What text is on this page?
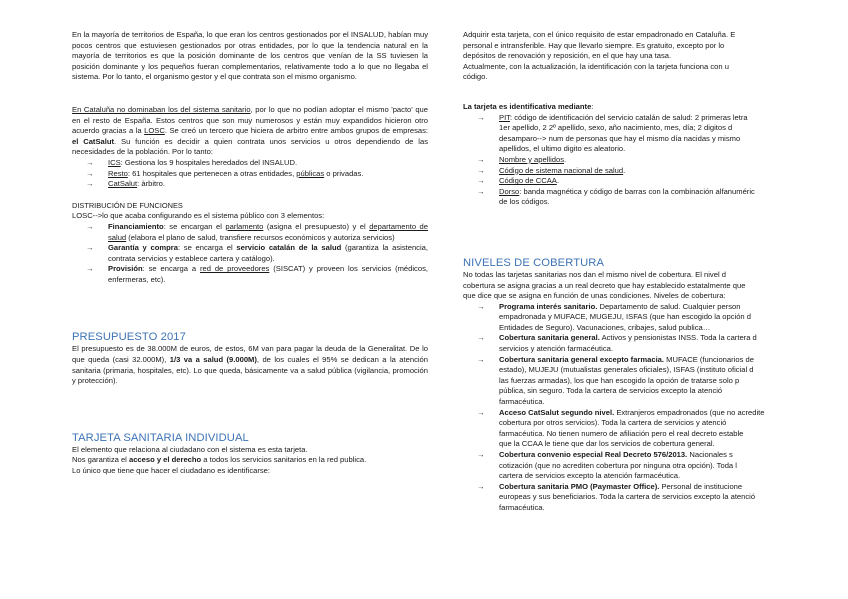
En la mayoría de territorios de España, lo que eran los centros gestionados por el INSALUD, habían muy pocos centros que estuviesen gestionados por otras entidades, por lo que la tendencia natural en la mayoría de territorios es que la posición dominante de los centros que venían de la SS tuviesen la posición dominante y los pequeños fueran complementarios, relativamente todo a lo que no llegaba el sistema. Por lo tanto, el organismo gestor y el que contrata son el mismo organismo.

En Cataluña no dominaban los del sistema sanitario, por lo que no podían adoptar el mismo 'pacto' que en el resto de España. Estos centros que son muy numerosos y están muy expandidos hicieron otro acuerdo gracias a la LOSC. Se creó un tercero que hiciera de arbitro entre ambos grupos de empresas: el CatSalut. Su función es decidir a quien contrata unos servicios u otros dependiendo de las necesidades de la población. Por lo tanto:

→ ICS: Gestiona los 9 hospitales heredados del INSALUD.
→ Resto: 61 hospitales que pertenecen a otras entidades, públicas o privadas.
→ CatSalut: àrbitro.

DISTRIBUCIÓN DE FUNCIONES

LOSC-->lo que acaba configurando es el sistema público con 3 elementos:

→ Financiamiento: se encargan el parlamento (asigna el presupuesto) y el departamento de salud (elabora el plano de salud, transfiere recursos económicos y autoriza servicios)
→ Garantía y compra: se encarga el servicio catalán de la salud (garantiza la asistencia, contrata servicios y establece cartera y catálogo).
→ Provisión: se encarga a red de proveedores (SISCAT) y proveen los servicios (médicos, enfermeras, etc).
PRESUPUESTO 2017

El presupuesto es de 38.000M de euros, de estos, 6M van para pagar la deuda de la Generalitat. De lo que queda (casi 32.000M), 1/3 va a salud (9.000M), de los cuales el 95% se dedican a la atención sanitaria (primaria, hospitales, etc). Lo que queda, básicamente va a salud pública (vigilancia, promoción y protección).

TARJETA SANITARIA INDIVIDUAL

El elemento que relaciona al ciudadano con el sistema es esta tarjeta.

Nos garantiza el acceso y el derecho a todos los servicios sanitarios en la red publica.

Lo único que tiene que hacer el ciudadano es identificarse:

Adquirir esta tarjeta, con el único requisito de estar empadronado en Cataluña. E

personal e intransferible. Hay que llevarlo siempre. Es gratuito, excepto por lo

depósitos de renovación y reposición, en el que hay una tasa.

Actualmente, con la actualización, la identificación con la tarjeta funciona con u

código.

La tarjeta es identificativa mediante:

→ PIT: código de identificación del servicio catalán de salud: 2 primeras letra
1er apellido, 2 2º apellido, sexo, año nacimiento, mes, día; 2 digitos d
desamparo--> num de personas que hay el mismo día nacidas y mismo
apellidos, el ultimo digito es aleatorio.
→ Nombre y apellidos.
→ Código de sistema nacional de salud.
→ Código de CCAA.
→ Dorso: banda magnética y código de barras con la combinación alfanuméric
de los códigos.
NIVELES DE COBERTURA

No todas las tarjetas sanitarias nos dan el mismo nivel de cobertura. El nivel d

cobertura se asigna gracias a un real decreto que hay establecido estatalmente que

que dice que se asigna en función de unas condiciones. Niveles de cobertura:

→ Programa interés sanitario. Departamento de salud. Cualquier person
empadronada y MUFACE, MUGEJU, ISFAS (que han escogido la opción d
Entidades de Seguro). Vacunaciones, cribajes, salud publica…
→ Cobertura sanitaria general. Activos y pensionistas INSS. Toda la cartera d
servicios y atención farmacéutica.
→ Cobertura sanitaria general excepto farmacia. MUFACE (funcionarios de
estado), MUJEJU (mutualistas generales oficiales), ISFAS (instituto oficial d
las fuerzas armadas), los que han escogido la opción de tratarse solo p
pública, sin seguro. Toda la cartera de servicios excepto la atenció
farmacéutica.
→ Acceso CatSalut segundo nivel. Extranjeros empadronados (que no acredite
cobertura por otros servicios). Toda la cartera de servicios y atenció
farmacéutica. No tienen numero de afiliación pero el real decreto estable
que la CCAA le tiene que dar los servicios de cobertura general.
→ Cobertura convenio especial Real Decreto 576/2013. Nacionales s
cotización (que no acrediten cobertura por ninguna otra opción). Toda l
cartera de servicios excepto la atención farmacéutica.
→ Cobertura sanitaria PMO (Paymaster Office). Personal de institucione
europeas y sus beneficiarios. Toda la cartera de servicios excepto la atenció
farmacéutica.
